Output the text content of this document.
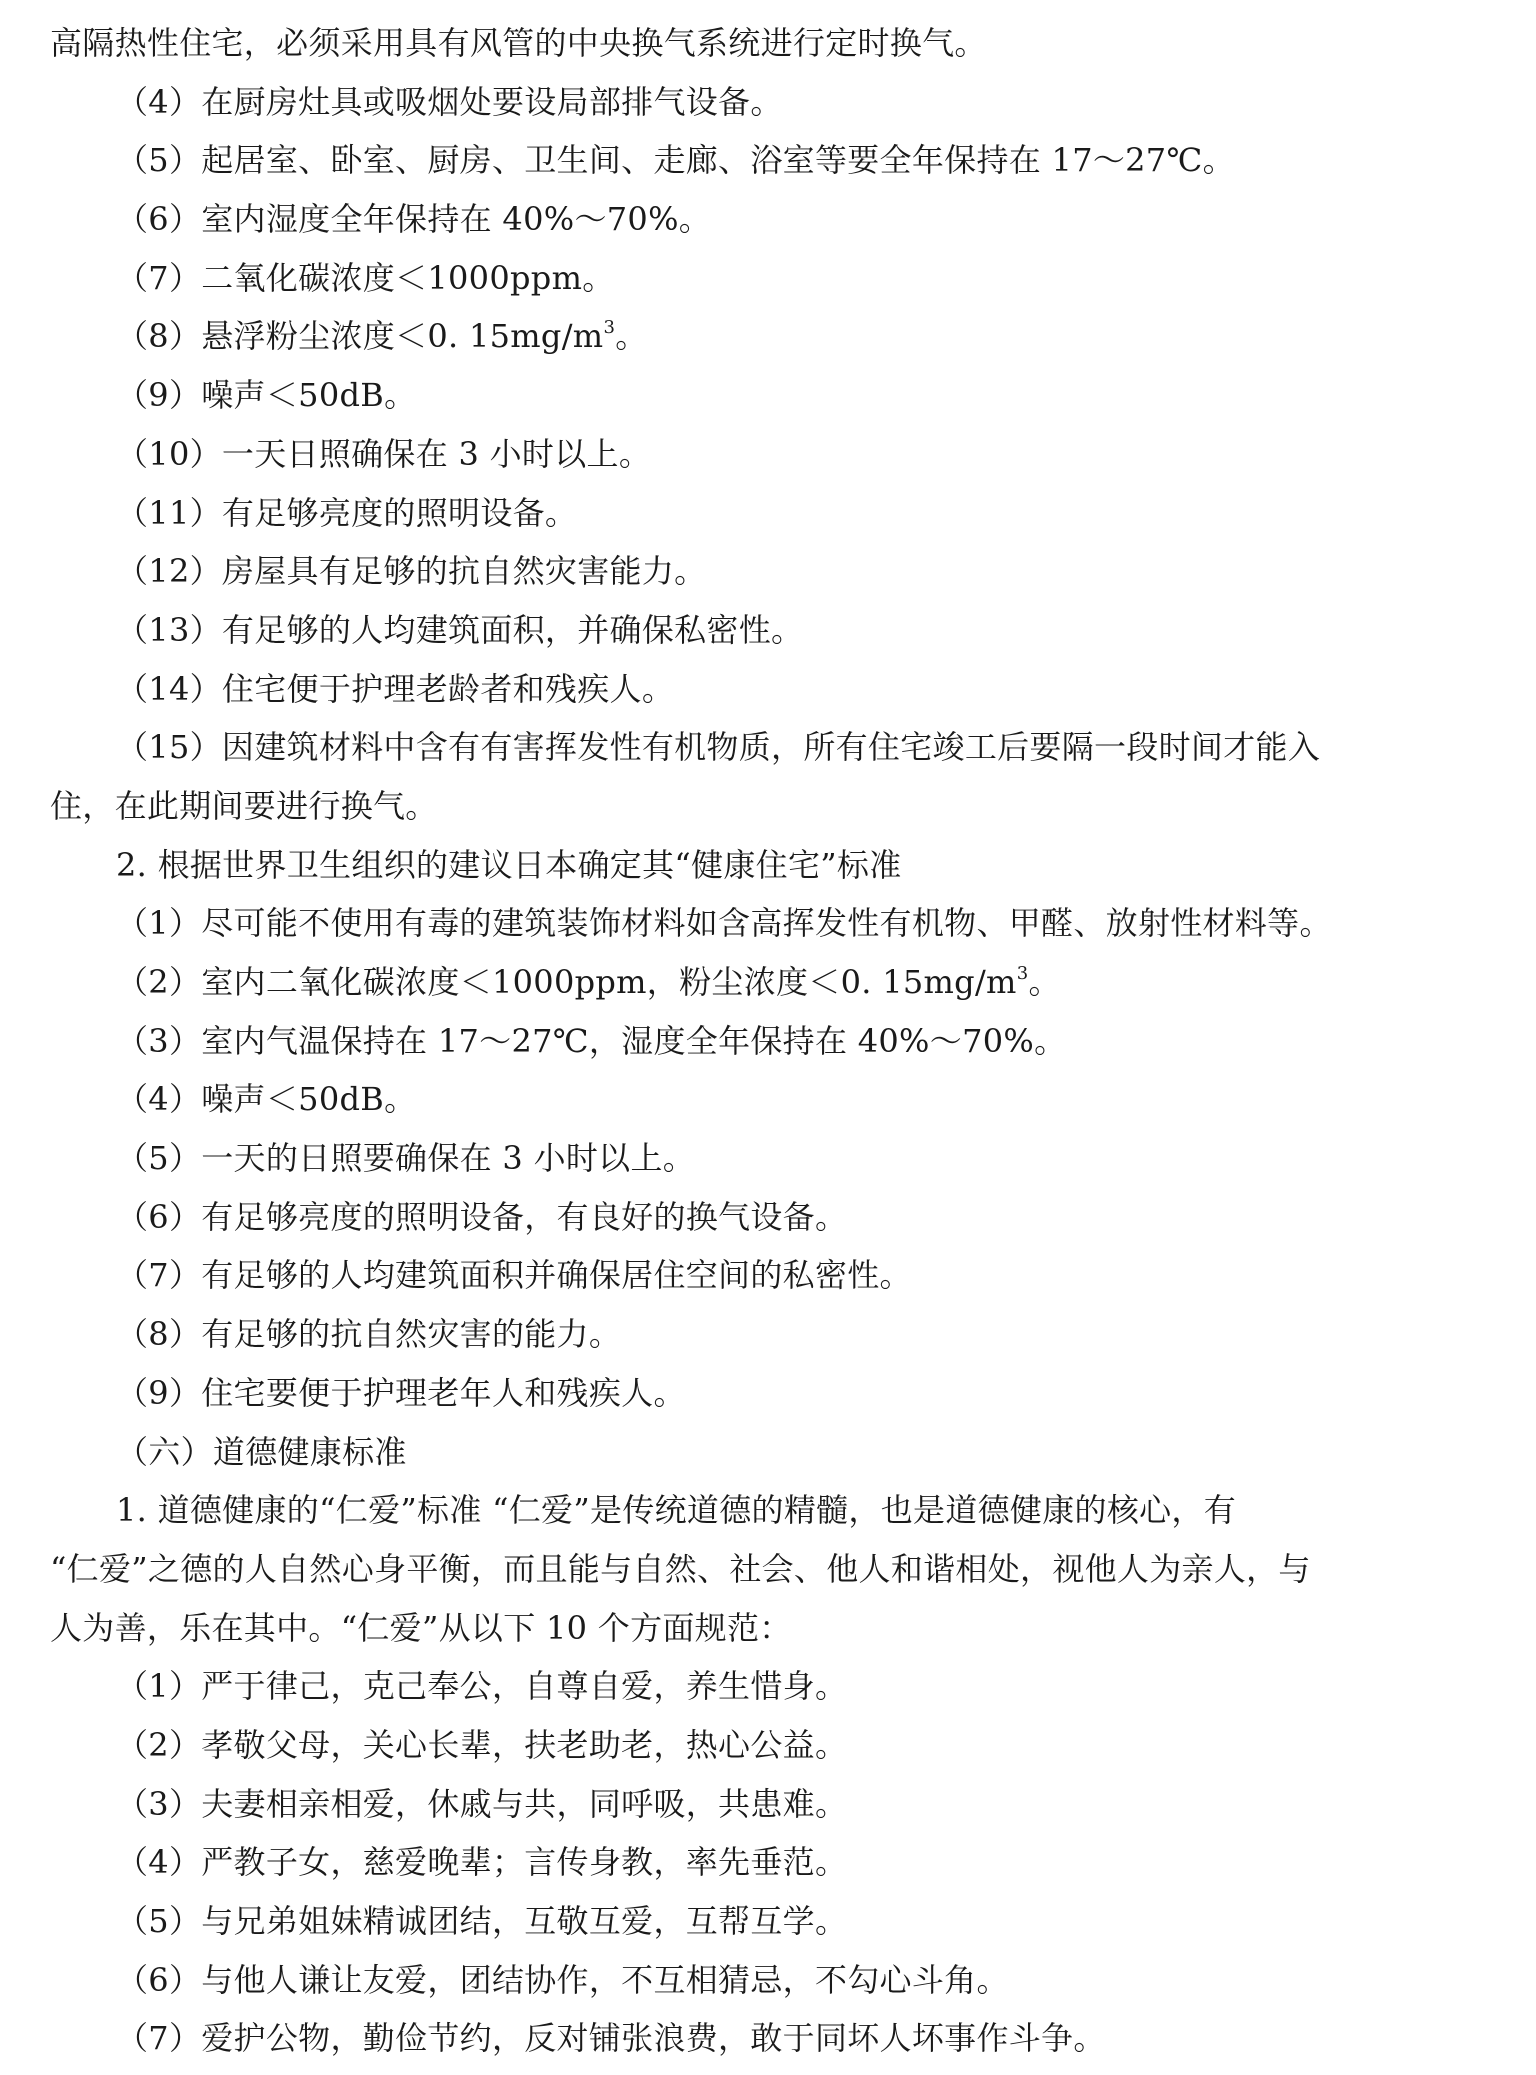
高隔热性住宅，必须采用具有风管的中央换气系统进行定时换气。
（4）在厨房灶具或吸烟处要设局部排气设备。
（5）起居室、卧室、厨房、卫生间、走廊、浴室等要全年保持在 17～27℃。
（6）室内湿度全年保持在 40%～70%。
（7）二氧化碳浓度＜1000ppm。
（8）悬浮粉尘浓度＜0. $15mg/m^3$。
（9）噪声＜50dB。
（10）一天日照确保在 3 小时以上。
（11）有足够亮度的照明设备。
（12）房屋具有足够的抗自然灾害能力。
（13）有足够的人均建筑面积，并确保私密性。
（14）住宅便于护理老龄者和残疾人。
（15）因建筑材料中含有有害挥发性有机物质，所有住宅竣工后要隔一段时间才能入
住，在此期间要进行换气。
2. 根据世界卫生组织的建议日本确定其“健康住宅”标准
（1）尽可能不使用有毒的建筑装饰材料如含高挥发性有机物、甲醛、放射性材料等。
（2）室内二氧化碳浓度＜1000ppm，粉尘浓度＜0. $15mg/m^3$。
（3）室内气温保持在 17～27℃，湿度全年保持在 40%～70%。
（4）噪声＜50dB。
（5）一天的日照要确保在 3 小时以上。
（6）有足够亮度的照明设备，有良好的换气设备。
（7）有足够的人均建筑面积并确保居住空间的私密性。
（8）有足够的抗自然灾害的能力。
（9）住宅要便于护理老年人和残疾人。
（六）道德健康标准
1. 道德健康的“仁爱”标准 “仁爱”是传统道德的精髓，也是道德健康的核心，有
“仁爱”之德的人自然心身平衡，而且能与自然、社会、他人和谐相处，视他人为亲人，与
人为善，乐在其中。“仁爱”从以下 10 个方面规范：
（1）严于律己，克己奉公，自尊自爱，养生惜身。
（2）孝敬父母，关心长辈，扶老助老，热心公益。
（3）夫妻相亲相爱，休戚与共，同呼吸，共患难。
（4）严教子女，慈爱晚辈；言传身教，率先垂范。
（5）与兄弟姐妹精诚团结，互敬互爱，互帮互学。
（6）与他人谦让友爱，团结协作，不互相猜忌，不勾心斗角。
（7）爱护公物，勤俭节约，反对铺张浪费，敢于同坏人坏事作斗争。
